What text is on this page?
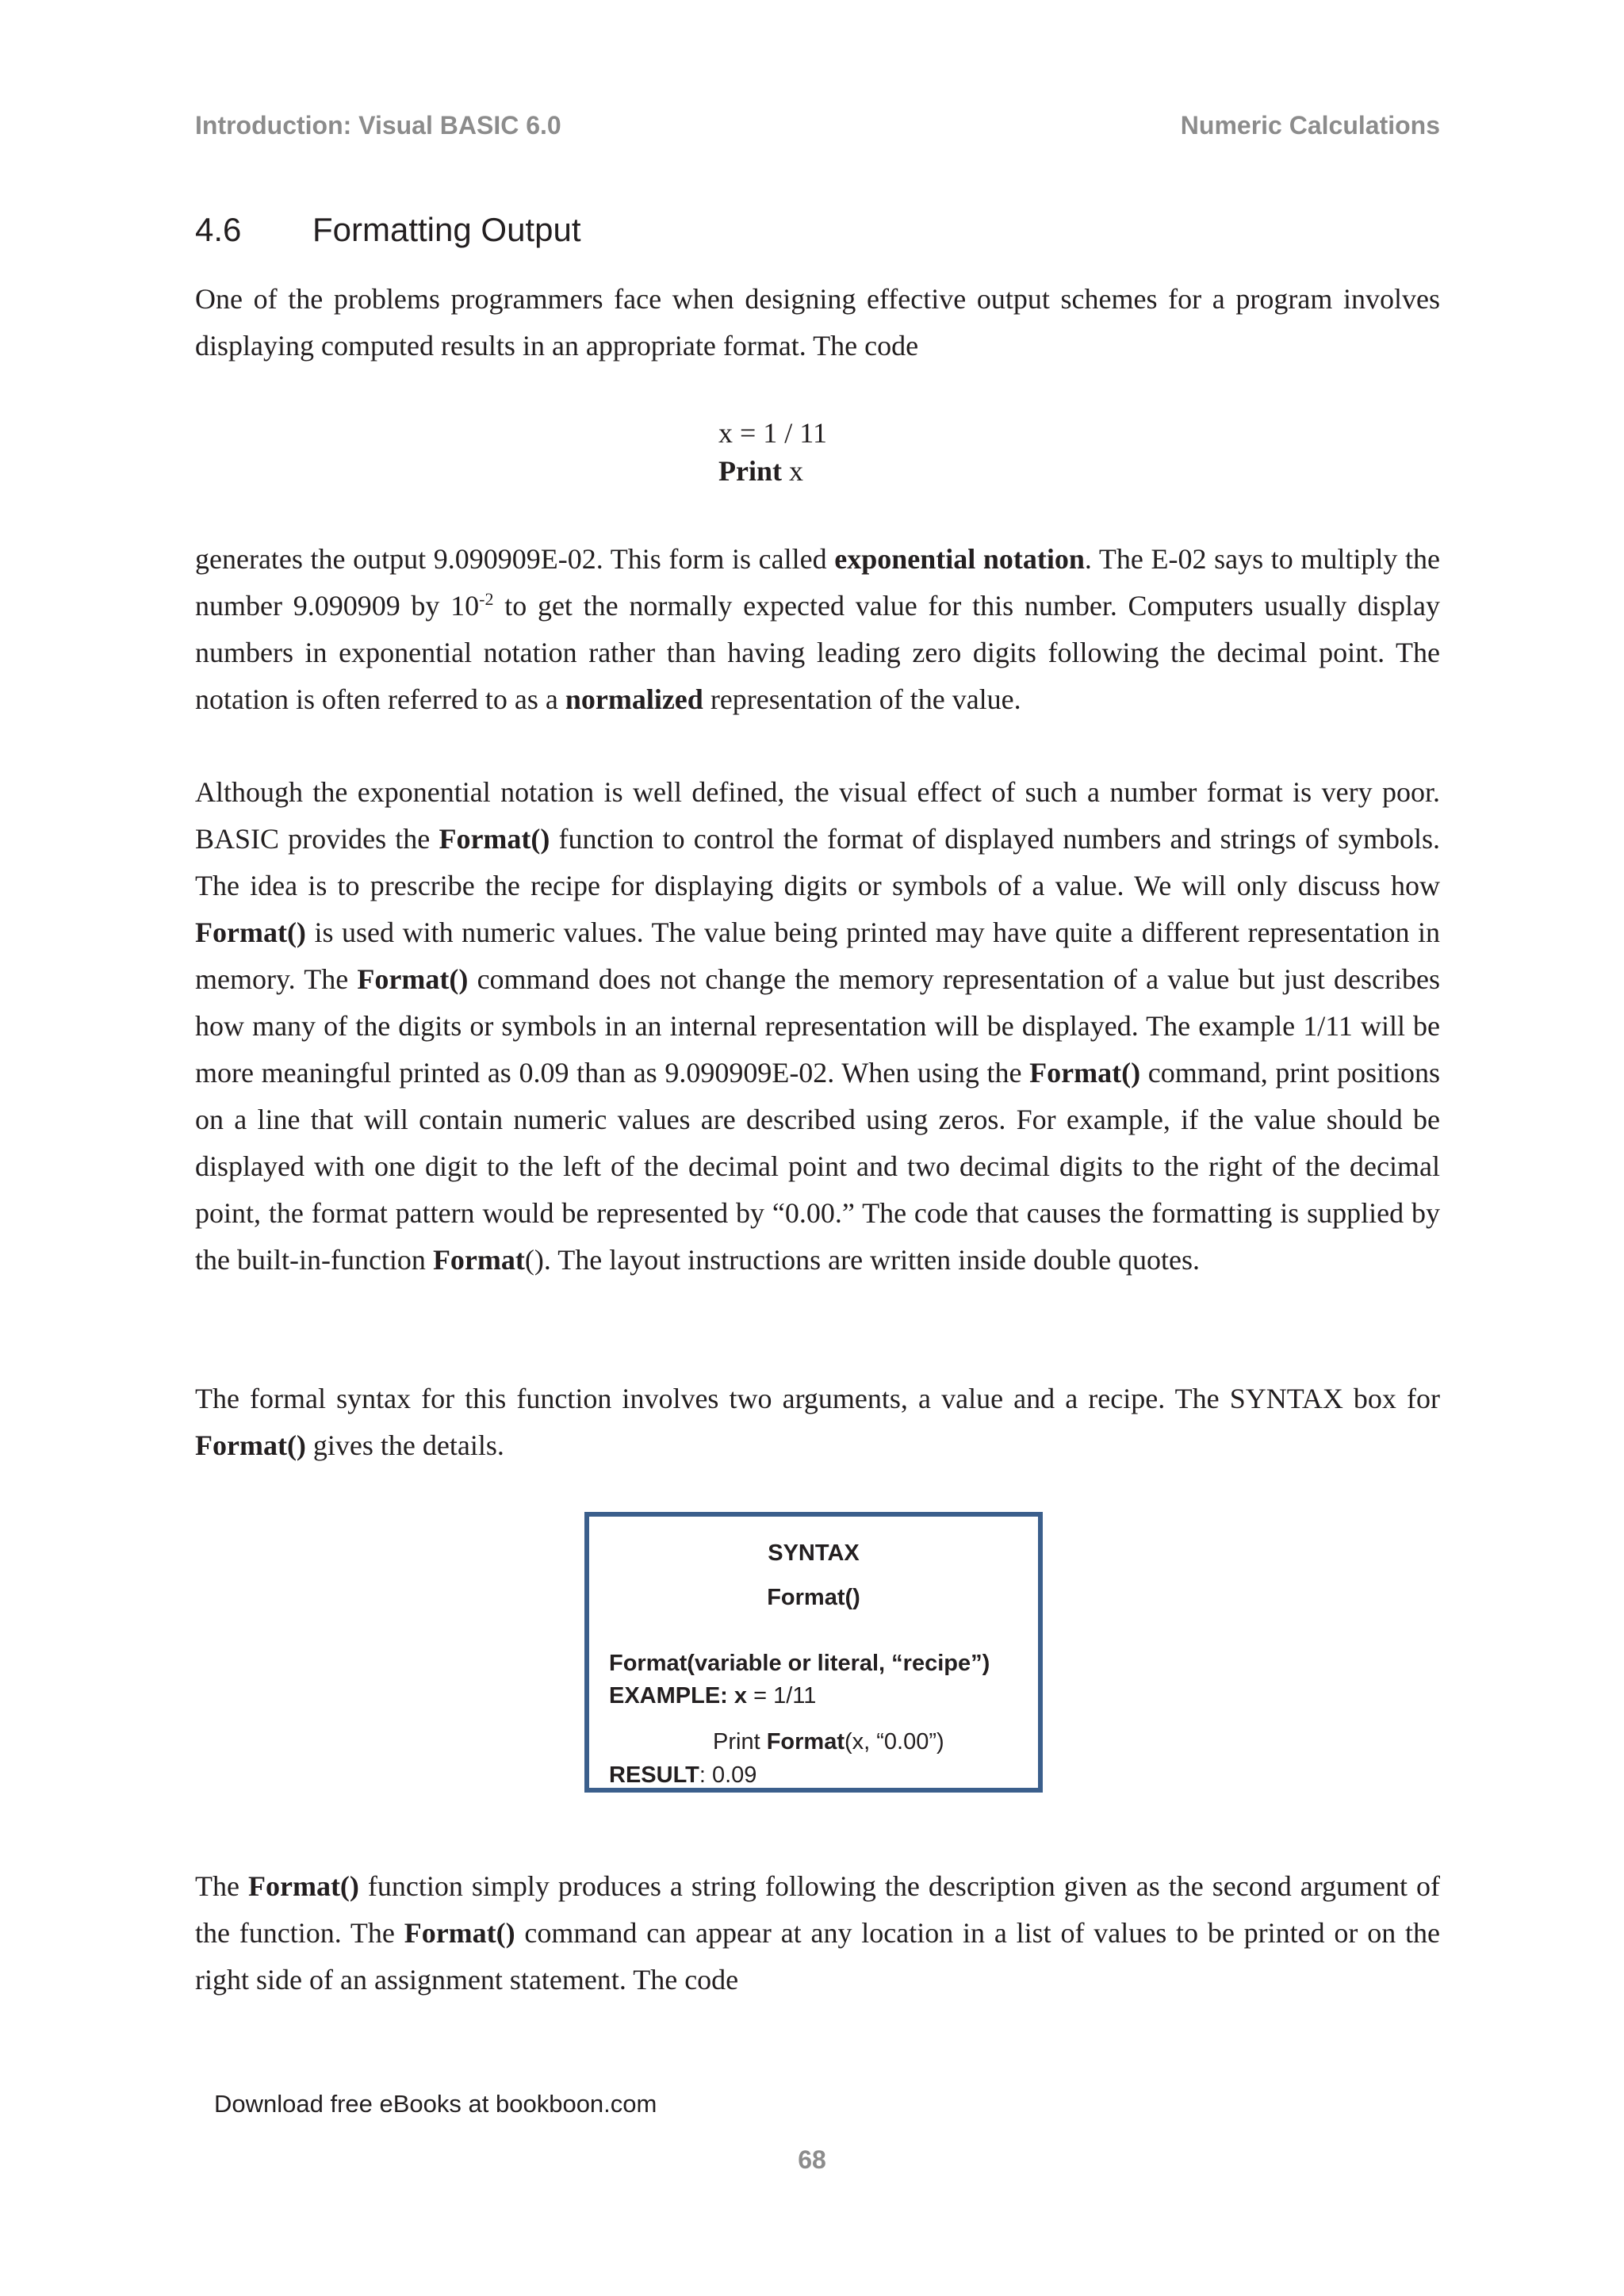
Introduction: Visual BASIC 6.0	Numeric Calculations
4.6 Formatting Output

One of the problems programmers face when designing effective output schemes for a program involves displaying computed results in an appropriate format. The code

x = 1 / 11
Print x

generates the output 9.090909E-02. This form is called exponential notation. The E-02 says to multiply the number 9.090909 by $10^{-2}$ to get the normally expected value for this number. Computers usually display numbers in exponential notation rather than having leading zero digits following the decimal point. The notation is often referred to as a normalized representation of the value.

Although the exponential notation is well defined, the visual effect of such a number format is very poor. BASIC provides the Format() function to control the format of displayed numbers and strings of symbols. The idea is to prescribe the recipe for displaying digits or symbols of a value. We will only discuss how Format() is used with numeric values. The value being printed may have quite a different representation in memory. The Format() command does not change the memory representation of a value but just describes how many of the digits or symbols in an internal representation will be displayed. The example 1/11 will be more meaningful printed as 0.09 than as 9.090909E-02. When using the Format() command, print positions on a line that will contain numeric values are described using zeros. For example, if the value should be displayed with one digit to the left of the decimal point and two decimal digits to the right of the decimal point, the format pattern would be represented by “0.00.” The code that causes the formatting is supplied by the built-in-function Format(). The layout instructions are written inside double quotes.

The formal syntax for this function involves two arguments, a value and a recipe. The SYNTAX box for Format() gives the details.

SYNTAX
Format()
Format(variable or literal, “recipe”)
EXAMPLE: x = 1/11
Print Format(x, “0.00”)
RESULT: 0.09

The Format() function simply produces a string following the description given as the second argument of the function. The Format() command can appear at any location in a list of values to be printed or on the right side of an assignment statement. The code

Download free eBooks at bookboon.com
68
